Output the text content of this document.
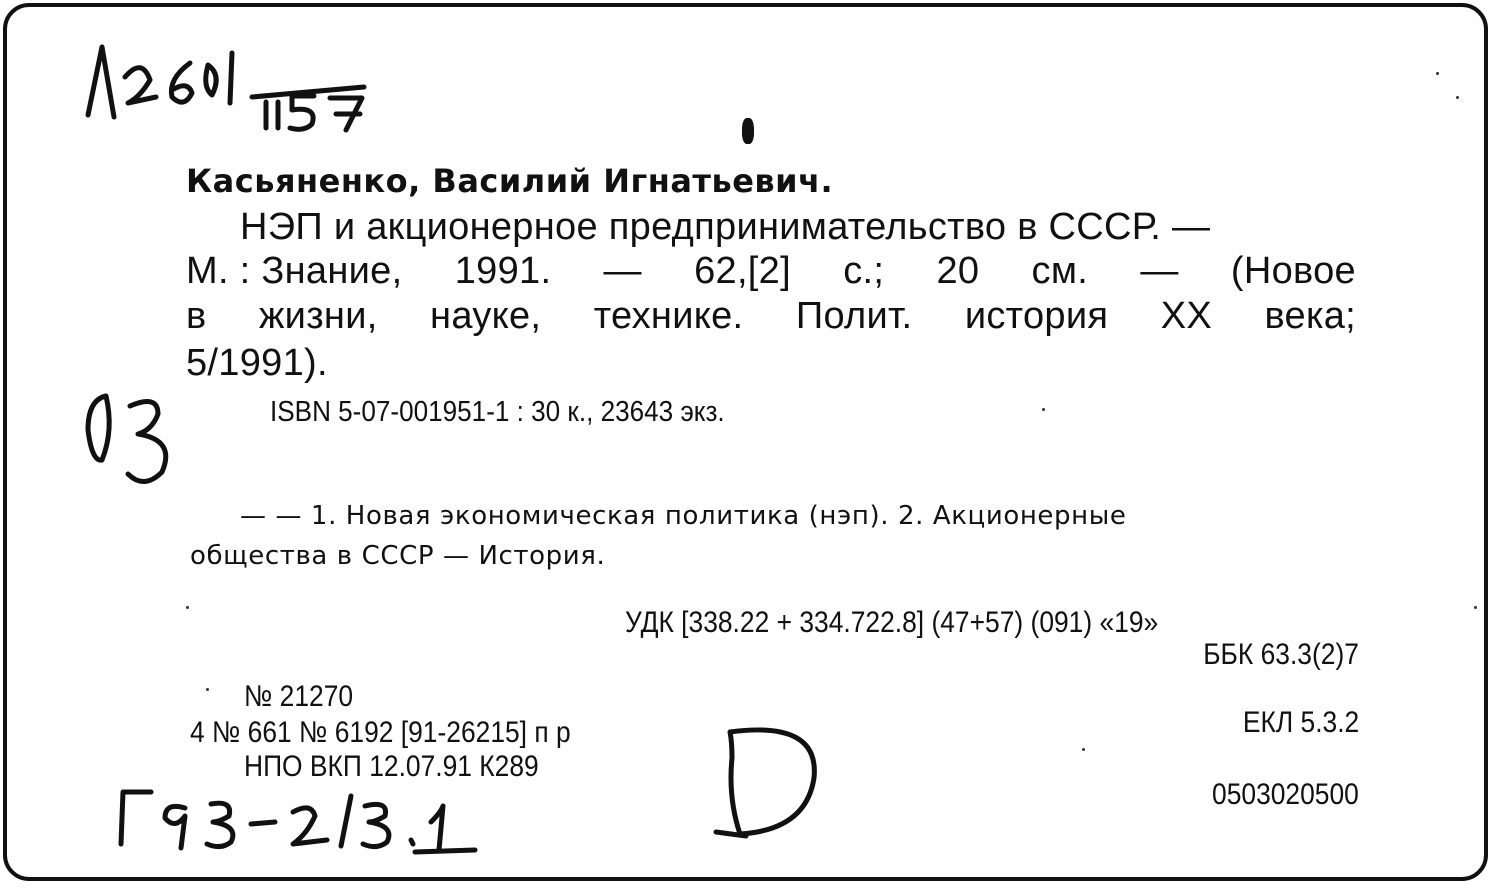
Касьяненко, Василий Игнатьевич.
НЭП и акционерное предпринимательство в СССР. —
М. : Знание, 1991. — 62,[2] с.; 20 см. — (Новое
в жизни, науке, технике. Полит. история XX века;
5/1991).
ISBN 5-07-001951-1 : 30 к., 23643 экз.
— — 1. Новая экономическая политика (нэп). 2. Акционерные
общества в СССР — История.
УДК [338.22 + 334.722.8] (47+57) (091) «19»
ББК 63.3(2)7
№ 21270
4 № 661 № 6192 [91-26215] п р
НПО ВКП 12.07.91 К289
ЕКЛ 5.3.2
0503020500
